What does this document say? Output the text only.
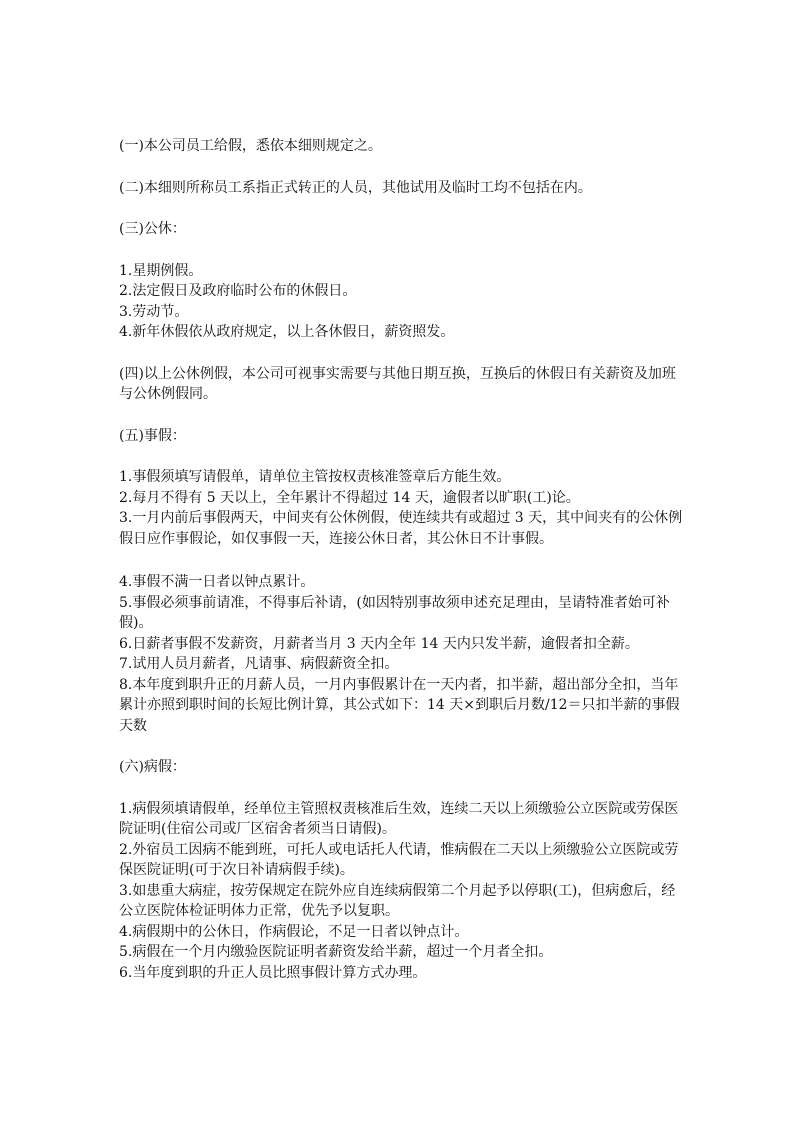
(一)本公司员工给假，悉依本细则规定之。

(二)本细则所称员工系指正式转正的人员，其他试用及临时工均不包括在内。

(三)公休：

1.星期例假。

2.法定假日及政府临时公布的休假日。

3.劳动节。

4.新年休假依从政府规定，以上各休假日，薪资照发。

(四)以上公休例假，本公司可视事实需要与其他日期互换，互换后的休假日有关薪资及加班与公休例假同。

(五)事假：

1.事假须填写请假单，请单位主管按权责核准签章后方能生效。

2.每月不得有 5 天以上，全年累计不得超过 14 天，逾假者以旷职(工)论。

3.一月内前后事假两天，中间夹有公休例假，使连续共有或超过 3 天，其中间夹有的公休例假日应作事假论，如仅事假一天，连接公休日者，其公休日不计事假。

4.事假不满一日者以钟点累计。

5.事假必须事前请准，不得事后补请，(如因特别事故须申述充足理由，呈请特准者始可补假)。

6.日薪者事假不发薪资，月薪者当月 3 天内全年 14 天内只发半薪，逾假者扣全薪。

7.试用人员月薪者，凡请事、病假薪资全扣。

8.本年度到职升正的月薪人员，一月内事假累计在一天内者，扣半薪，超出部分全扣，当年累计亦照到职时间的长短比例计算，其公式如下：14 天×到职后月数/12＝只扣半薪的事假天数

(六)病假：

1.病假须填请假单，经单位主管照权责核准后生效，连续二天以上须缴验公立医院或劳保医院证明(住宿公司或厂区宿舍者须当日请假)。

2.外宿员工因病不能到班，可托人或电话托人代请，惟病假在二天以上须缴验公立医院或劳保医院证明(可于次日补请病假手续)。

3.如患重大病症，按劳保规定在院外应自连续病假第二个月起予以停职(工)，但病愈后，经公立医院体检证明体力正常，优先予以复职。

4.病假期中的公休日，作病假论，不足一日者以钟点计。

5.病假在一个月内缴验医院证明者薪资发给半薪，超过一个月者全扣。

6.当年度到职的升正人员比照事假计算方式办理。
